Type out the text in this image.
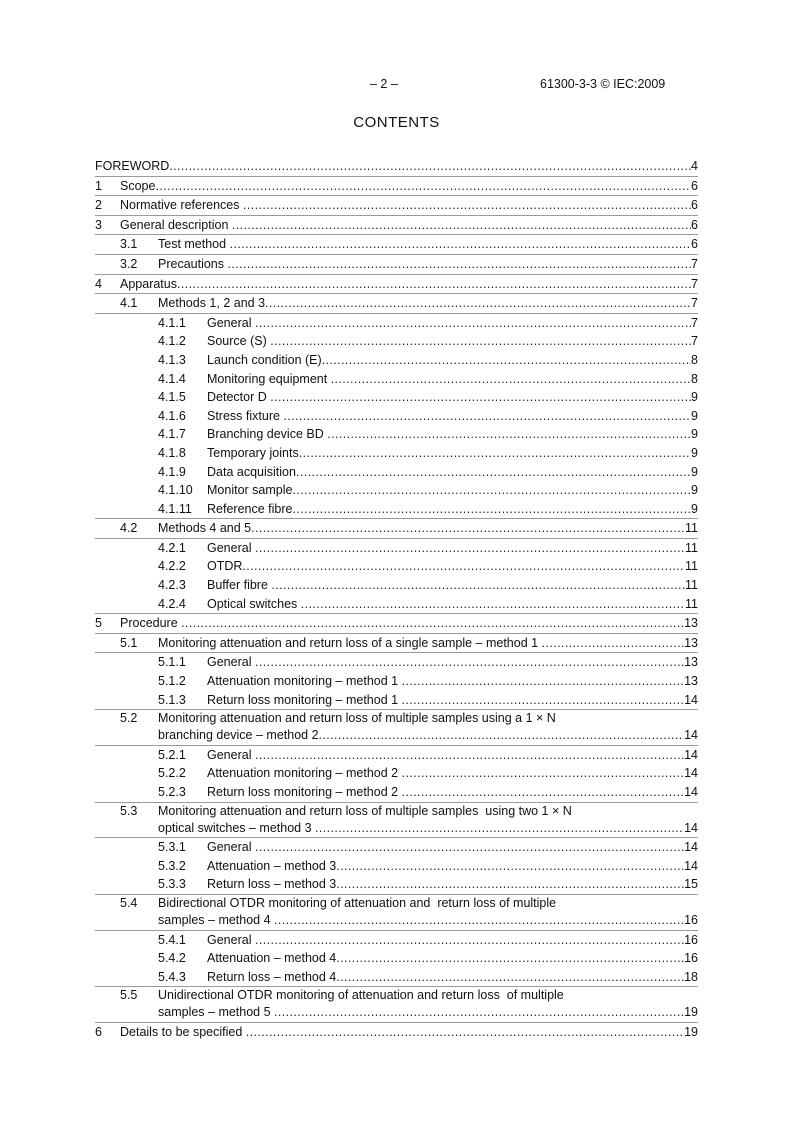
– 2 –	61300-3-3 © IEC:2009
CONTENTS
FOREWORD .....	4
1	Scope .....	6
2	Normative references .....	6
3	General description .....	6
3.1	Test method .....	6
3.2	Precautions .....	7
4	Apparatus .....	7
4.1	Methods 1, 2 and 3 .....	7
4.1.1	General .....	7
4.1.2	Source (S) .....	7
4.1.3	Launch condition (E) .....	8
4.1.4	Monitoring equipment .....	8
4.1.5	Detector D .....	9
4.1.6	Stress fixture .....	9
4.1.7	Branching device BD .....	9
4.1.8	Temporary joints .....	9
4.1.9	Data acquisition .....	9
4.1.10	Monitor sample .....	9
4.1.11	Reference fibre .....	9
4.2	Methods 4 and 5 .....	11
4.2.1	General .....	11
4.2.2	OTDR .....	11
4.2.3	Buffer fibre .....	11
4.2.4	Optical switches .....	11
5	Procedure .....	13
5.1	Monitoring attenuation and return loss of a single sample – method 1 .....	13
5.1.1	General .....	13
5.1.2	Attenuation monitoring – method 1 .....	13
5.1.3	Return loss monitoring – method 1 .....	14
5.2 Monitoring attenuation and return loss of multiple samples using a 1 × N
branching device – method 2 .....	14
5.2.1	General .....	14
5.2.2	Attenuation monitoring – method 2 .....	14
5.2.3	Return loss monitoring – method 2 .....	14
5.3 Monitoring attenuation and return loss of multiple samples  using two 1 × N
optical switches – method 3 .....	14
5.3.1	General .....	14
5.3.2	Attenuation – method 3 .....	14
5.3.3	Return loss – method 3 .....	15
5.4 Bidirectional OTDR monitoring of attenuation and  return loss of multiple
samples – method 4 .....	16
5.4.1	General .....	16
5.4.2	Attenuation – method 4 .....	16
5.4.3	Return loss – method 4 .....	18
5.5 Unidirectional OTDR monitoring of attenuation and return loss  of multiple
samples – method 5 .....	19
6	Details to be specified .....	19
